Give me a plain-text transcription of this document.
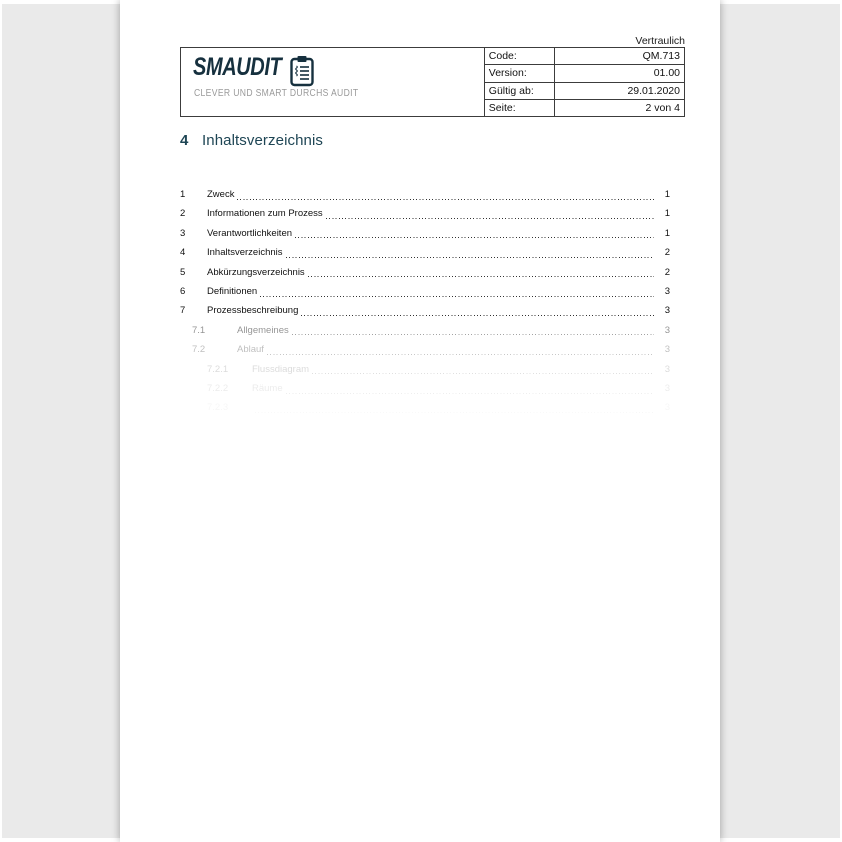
Vertraulich
SMAUDIT
CLEVER UND SMART DURCHS AUDIT
Code:	QM.713
Version:	01.00
Gültig ab:	29.01.2020
Seite:	2 von 4
4 Inhaltsverzeichnis
1	Zweck	1
2	Informationen zum Prozess	1
3	Verantwortlichkeiten	1
4	Inhaltsverzeichnis	2
5	Abkürzungsverzeichnis	2
6	Definitionen	3
7	Prozessbeschreibung	3
7.1	Allgemeines	3
7.2	Ablauf	3
7.2.1	Flussdiagram	3
7.2.2	Räume	3
